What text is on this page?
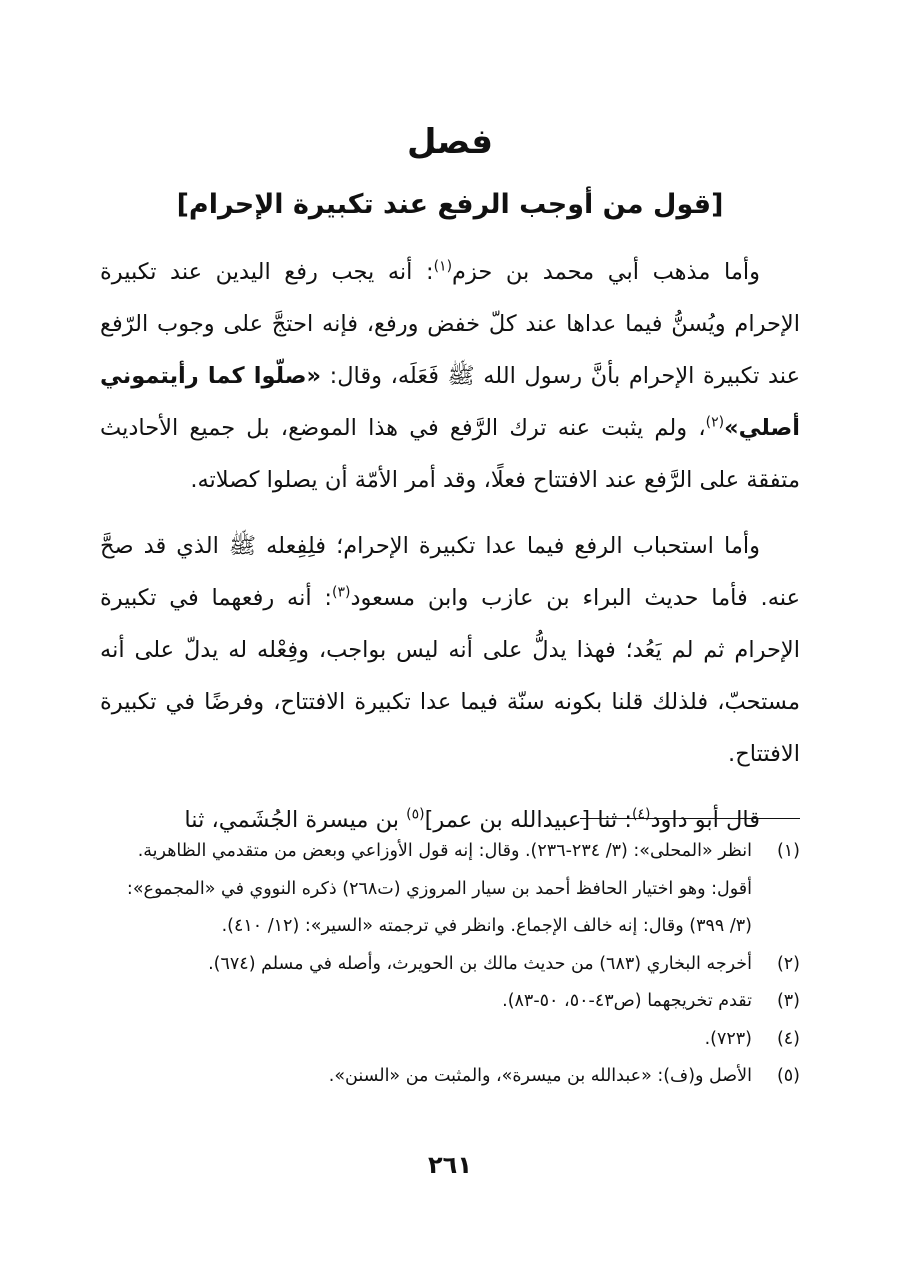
فصل
[قول من أوجب الرفع عند تكبيرة الإحرام]

وأما مذهب أبي محمد بن حزم$^{(١)}$: أنه يجب رفع اليدين عند تكبيرة الإحرام ويُسنُّ فيما عداها عند كلّ خفض ورفع، فإنه احتجَّ على وجوب الرّفع عند تكبيرة الإحرام بأنَّ رسول الله ﷺ فَعَلَه، وقال: «صلّوا كما رأيتموني أصلي»$^{(٢)}$، ولم يثبت عنه ترك الرَّفع في هذا الموضع، بل جميع الأحاديث متفقة على الرَّفع عند الافتتاح فعلًا، وقد أمر الأمّة أن يصلوا كصلاته.

وأما استحباب الرفع فيما عدا تكبيرة الإحرام؛ فلِفِعله ﷺ الذي قد صحَّ عنه. فأما حديث البراء بن عازب وابن مسعود$^{(٣)}$: أنه رفعهما في تكبيرة الإحرام ثم لم يَعُد؛ فهذا يدلُّ على أنه ليس بواجب، وفِعْله له يدلّ على أنه مستحبّ، فلذلك قلنا بكونه سنّة فيما عدا تكبيرة الافتتاح، وفرضًا في تكبيرة الافتتاح.

قال أبو داود$^{(٤)}$: ثنا [عبيدالله بن عمر]$^{(٥)}$ بن ميسرة الجُشَمي، ثنا

(١)
انظر «المحلى»: (٣/ ٢٣٤-٢٣٦). وقال: إنه قول الأوزاعي وبعض من متقدمي الظاهرية.
أقول: وهو اختيار الحافظ أحمد بن سيار المروزي (ت٢٦٨) ذكره النووي في «المجموع»:
(٣/ ٣٩٩) وقال: إنه خالف الإجماع. وانظر في ترجمته «السير»: (١٢/ ٤١٠).
(٢)
أخرجه البخاري (٦٨٣) من حديث مالك بن الحويرث، وأصله في مسلم (٦٧٤).
(٣)
تقدم تخريجهما (ص٤٣-٥٠، ٥٠-٨٣).
(٤)
(٧٢٣).
(٥)
الأصل و(ف): «عبدالله بن ميسرة»، والمثبت من «السنن».
٢٦١
